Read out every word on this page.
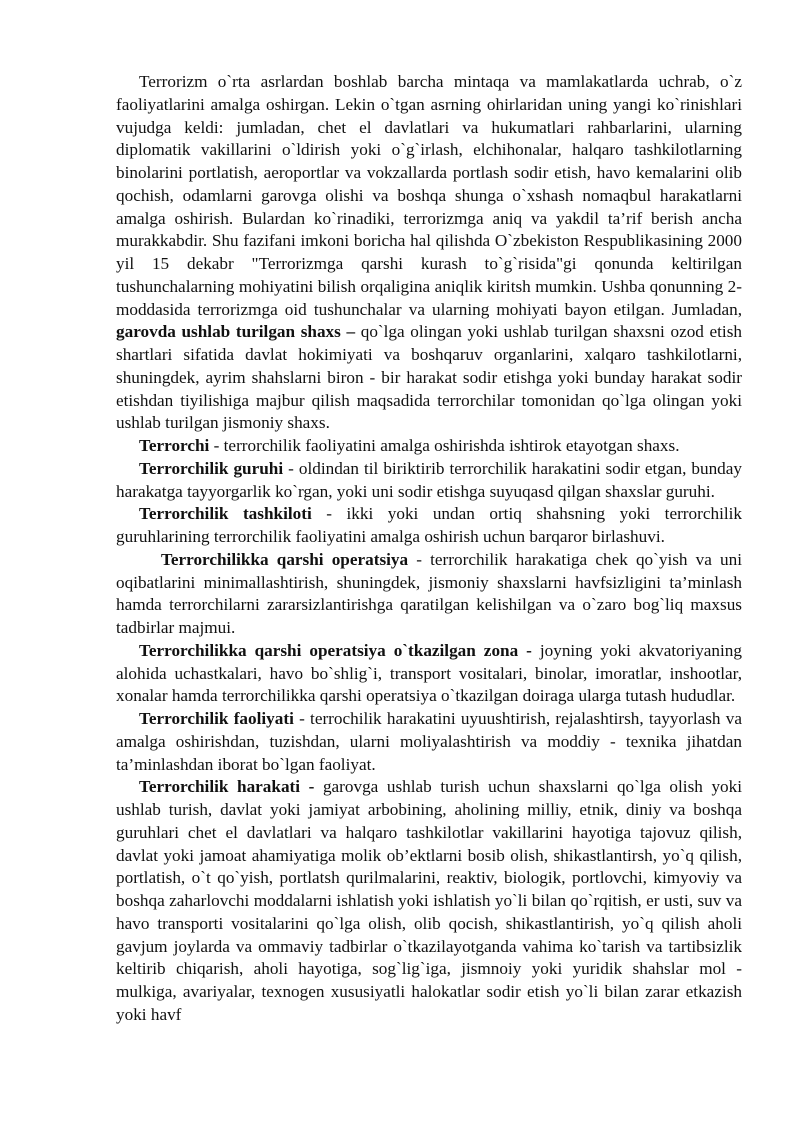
Terrorizm o`rta asrlardan boshlab barcha mintaqa va mamlakatlarda uchrab, o`z faoliyatlarini amalga oshirgan. Lekin o`tgan asrning ohirlaridan uning yangi ko`rinishlari vujudga keldi: jumladan, chet el davlatlari va hukumatlari rahbarlarini, ularning diplomatik vakillarini o`ldirish yoki o`g`irlash, elchihonalar, halqaro tashkilotlarning binolarini portlatish, aeroportlar va vokzallarda portlash sodir etish, havo kemalarini olib qochish, odamlarni garovga olishi va boshqa shunga o`xshash nomaqbul harakatlarni amalga oshirish. Bulardan ko`rinadiki, terrorizmga aniq va yakdil ta’rif berish ancha murakkabdir. Shu fazifani imkoni boricha hal qilishda O`zbekiston Respublikasining 2000 yil 15 dekabr "Terrorizmga qarshi kurash to`g`risida"gi qonunda keltirilgan tushunchalarning mohiyatini bilish orqaligina aniqlik kiritsh mumkin. Ushba qonunning 2-moddasida terrorizmga oid tushunchalar va ularning mohiyati bayon etilgan. Jumladan, garovda ushlab turilgan shaxs – qo`lga olingan yoki ushlab turilgan shaxsni ozod etish shartlari sifatida davlat hokimiyati va boshqaruv organlarini, xalqaro tashkilotlarni, shuningdek, ayrim shahslarni biron - bir harakat sodir etishga yoki bunday harakat sodir etishdan tiyilishiga majbur qilish maqsadida terrorchilar tomonidan qo`lga olingan yoki ushlab turilgan jismoniy shaxs.

Terrorchi - terrorchilik faoliyatini amalga oshirishda ishtirok etayotgan shaxs.

Terrorchilik guruhi - oldindan til biriktirib terrorchilik harakatini sodir etgan, bunday harakatga tayyorgarlik ko`rgan, yoki uni sodir etishga suyuqasd qilgan shaxslar guruhi.

Terrorchilik tashkiloti - ikki yoki undan ortiq shahsning yoki terrorchilik guruhlarining terrorchilik faoliyatini amalga oshirish uchun barqaror birlashuvi.

Terrorchilikka qarshi operatsiya - terrorchilik harakatiga chek qo`yish va uni oqibatlarini minimallashtirish, shuningdek, jismoniy shaxslarni havfsizligini ta’minlash hamda terrorchilarni zararsizlantirishga qaratilgan kelishilgan va o`zaro bog`liq maxsus tadbirlar majmui.

Terrorchilikka qarshi operatsiya o`tkazilgan zona - joyning yoki akvatoriyaning alohida uchastkalari, havo bo`shlig`i, transport vositalari, binolar, imoratlar, inshootlar, xonalar hamda terrorchilikka qarshi operatsiya o`tkazilgan doiraga ularga tutash hududlar.

Terrorchilik faoliyati - terrochilik harakatini uyuushtirish, rejalashtirsh, tayyorlash va amalga oshirishdan, tuzishdan, ularni moliyalashtirish va moddiy - texnika jihatdan ta’minlashdan iborat bo`lgan faoliyat.

Terrorchilik harakati - garovga ushlab turish uchun shaxslarni qo`lga olish yoki ushlab turish, davlat yoki jamiyat arbobining, aholining milliy, etnik, diniy va boshqa guruhlari chet el davlatlari va halqaro tashkilotlar vakillarini hayotiga tajovuz qilish, davlat yoki jamoat ahamiyatiga molik ob’ektlarni bosib olish, shikastlantirsh, yo`q qilish, portlatish, o`t qo`yish, portlatsh qurilmalarini, reaktiv, biologik, portlovchi, kimyoviy va boshqa zaharlovchi moddalarni ishlatish yoki ishlatish yo`li bilan qo`rqitish, er usti, suv va havo transporti vositalarini qo`lga olish, olib qocish, shikastlantirish, yo`q qilish aholi gavjum joylarda va ommaviy tadbirlar o`tkazilayotganda vahima ko`tarish va tartibsizlik keltirib chiqarish, aholi hayotiga, sog`lig`iga, jismnoiy yoki yuridik shahslar mol - mulkiga, avariyalar, texnogen xususiyatli halokatlar sodir etish yo`li bilan zarar etkazish yoki havf
